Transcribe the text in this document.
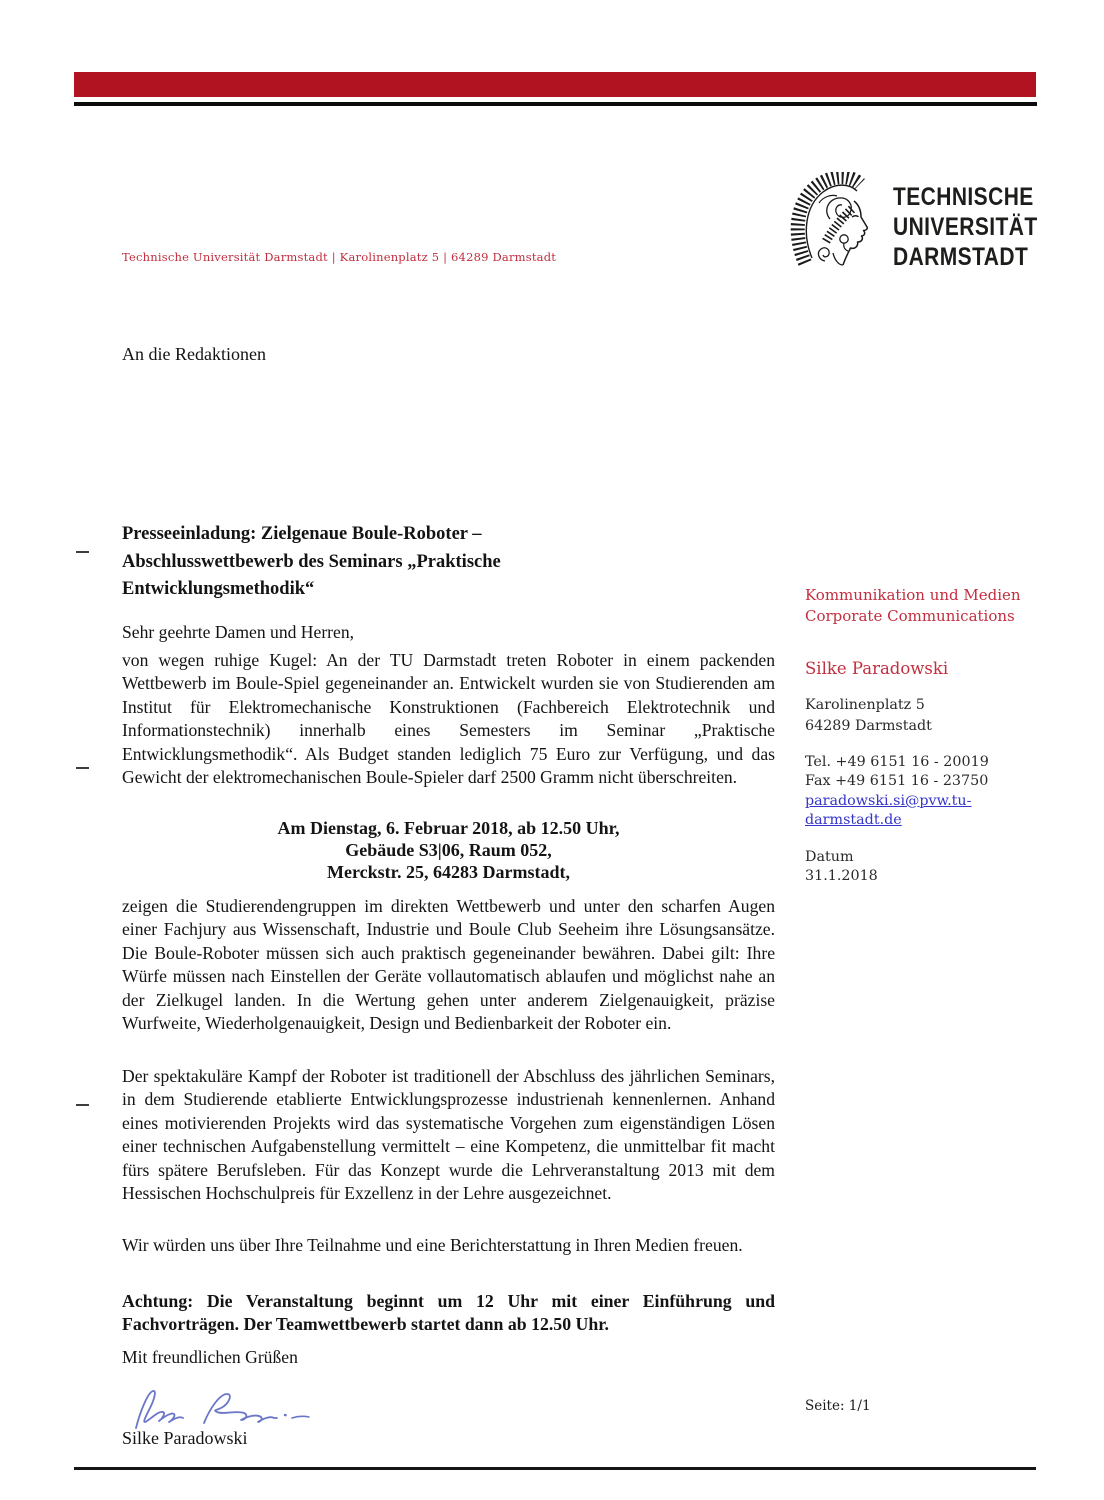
TECHNISCHE
UNIVERSITÄT
DARMSTADT
Technische Universität Darmstadt | Karolinenplatz 5 | 64289 Darmstadt
An die Redaktionen
Presseeinladung: Zielgenaue Boule-Roboter –
Abschlusswettbewerb des Seminars „Praktische
Entwicklungsmethodik“
Sehr geehrte Damen und Herren,
von wegen ruhige Kugel: An der TU Darmstadt treten Roboter in einem packenden Wettbewerb im Boule-Spiel gegeneinander an. Entwickelt wurden sie von Studierenden am Institut für Elektromechanische Konstruktionen (Fachbereich Elektrotechnik und Informationstechnik) innerhalb eines Semesters im Seminar „Praktische Entwicklungsmethodik“. Als Budget standen lediglich 75 Euro zur Verfügung, und das Gewicht der elektromechanischen Boule-Spieler darf 2500 Gramm nicht überschreiten.
Am Dienstag, 6. Februar 2018, ab 12.50 Uhr,
Gebäude S3|06, Raum 052,
Merckstr. 25, 64283 Darmstadt,
zeigen die Studierendengruppen im direkten Wettbewerb und unter den scharfen Augen einer Fachjury aus Wissenschaft, Industrie und Boule Club Seeheim ihre Lösungsansätze. Die Boule-Roboter müssen sich auch praktisch gegeneinander bewähren. Dabei gilt: Ihre Würfe müssen nach Einstellen der Geräte vollautomatisch ablaufen und möglichst nahe an der Zielkugel landen. In die Wertung gehen unter anderem Zielgenauigkeit, präzise Wurfweite, Wiederholgenauigkeit, Design und Bedienbarkeit der Roboter ein.
Der spektakuläre Kampf der Roboter ist traditionell der Abschluss des jährlichen Seminars, in dem Studierende etablierte Entwicklungsprozesse industrienah kennenlernen. Anhand eines motivierenden Projekts wird das systematische Vorgehen zum eigenständigen Lösen einer technischen Aufgabenstellung vermittelt – eine Kompetenz, die unmittelbar fit macht fürs spätere Berufsleben. Für das Konzept wurde die Lehrveranstaltung 2013 mit dem Hessischen Hochschulpreis für Exzellenz in der Lehre ausgezeichnet.
Wir würden uns über Ihre Teilnahme und eine Berichterstattung in Ihren Medien freuen.
Achtung: Die Veranstaltung beginnt um 12 Uhr mit einer Einführung und Fachvorträgen. Der Teamwettbewerb startet dann ab 12.50 Uhr.
Mit freundlichen Grüßen
Silke Paradowski
Kommunikation und Medien
Corporate Communications
Silke Paradowski
Karolinenplatz 5
64289 Darmstadt
Tel. +49 6151 16 - 20019
Fax +49 6151 16 - 23750
paradowski.si@pvw.tu-darmstadt.de
Datum
31.1.2018
Seite: 1/1
